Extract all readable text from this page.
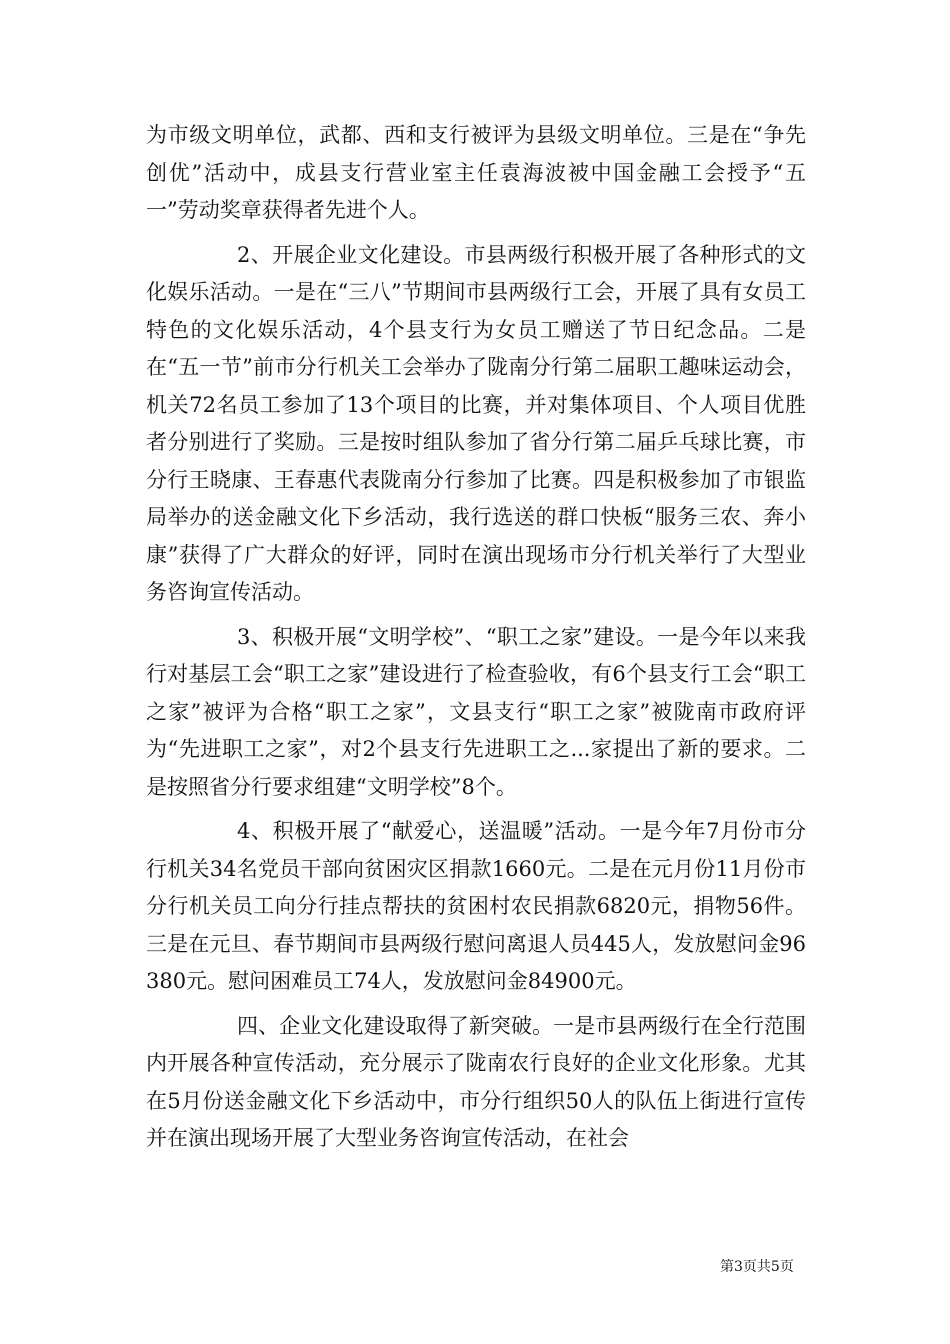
为市级文明单位，武都、西和支行被评为县级文明单位。三是在“争先创优”活动中，成县支行营业室主任袁海波被中国金融工会授予“五一”劳动奖章获得者先进个人。

2、开展企业文化建设。市县两级行积极开展了各种形式的文化娱乐活动。一是在“三八”节期间市县两级行工会，开展了具有女员工特色的文化娱乐活动，4个县支行为女员工赠送了节日纪念品。二是在“五一节”前市分行机关工会举办了陇南分行第二届职工趣味运动会，机关72名员工参加了13个项目的比赛，并对集体项目、个人项目优胜者分别进行了奖励。三是按时组队参加了省分行第二届乒乓球比赛，市分行王晓康、王春惠代表陇南分行参加了比赛。四是积极参加了市银监局举办的送金融文化下乡活动，我行选送的群口快板“服务三农、奔小康”获得了广大群众的好评，同时在演出现场市分行机关举行了大型业务咨询宣传活动。

3、积极开展“文明学校”、“职工之家”建设。一是今年以来我行对基层工会“职工之家”建设进行了检查验收，有6个县支行工会“职工之家”被评为合格“职工之家”，文县支行“职工之家”被陇南市政府评为“先进职工之家”，对2个县支行先进职工之...家提出了新的要求。二是按照省分行要求组建“文明学校”8个。

4、积极开展了“献爱心，送温暖”活动。一是今年7月份市分行机关34名党员干部向贫困灾区捐款1660元。二是在元月份11月份市分行机关员工向分行挂点帮扶的贫困村农民捐款6820元，捐物56件。三是在元旦、春节期间市县两级行慰问离退人员445人，发放慰问金96380元。慰问困难员工74人，发放慰问金84900元。

四、企业文化建设取得了新突破。一是市县两级行在全行范围内开展各种宣传活动，充分展示了陇南农行良好的企业文化形象。尤其在5月份送金融文化下乡活动中，市分行组织50人的队伍上街进行宣传并在演出现场开展了大型业务咨询宣传活动，在社会

第3页共5页
